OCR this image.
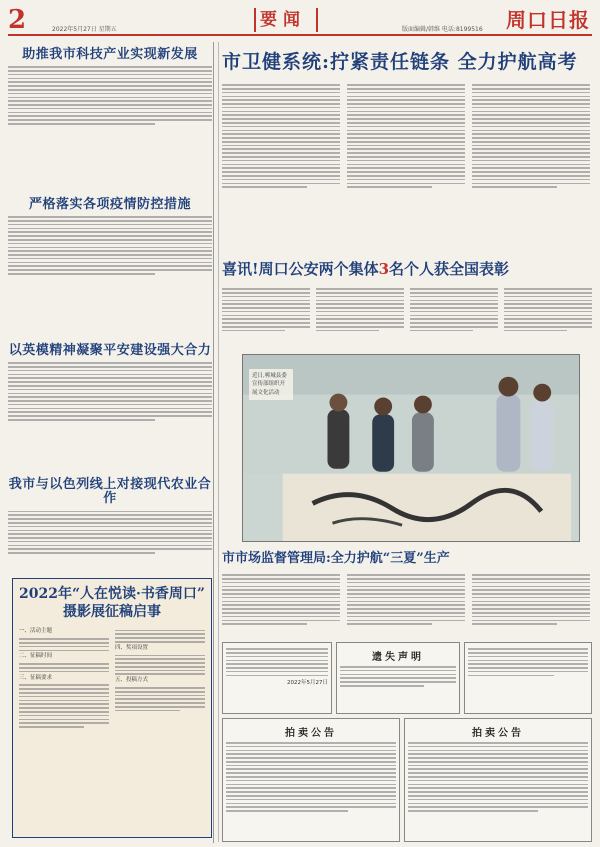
2	2022年5月27日 星期五	要闻	版面编辑/韩维 电话:8199516 周口日报
助推我市科技产业实现新发展
严格落实各项疫情防控措施
以英模精神凝聚平安建设强大合力
我市与以色列线上对接现代农业合作
2022年“人在悦读·书香周口”
摄影展征稿启事
一、活动主题
二、征稿时间
三、征稿要求
四、奖项设置
五、投稿方式
市卫健系统:拧紧责任链条 全力护航高考
喜讯!周口公安两个集体3名个人获全国表彰
近日,郸城县委宣传部组织开展文化活动
市市场监督管理局:全力护航“三夏”生产
2022年5月27日
遗失声明
拍卖公告	拍卖公告
